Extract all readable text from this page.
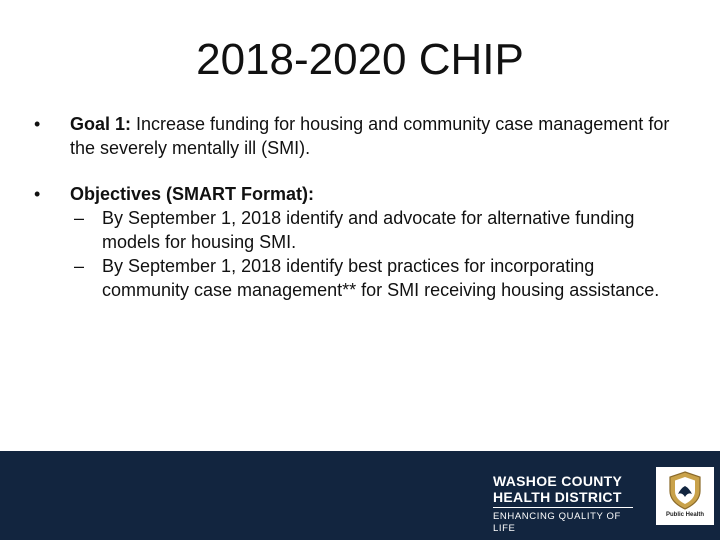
2018-2020 CHIP
•	Goal 1: Increase funding for housing and community case management for the severely mentally ill (SMI).
•	Objectives (SMART Format):
– By September 1, 2018 identify and advocate for alternative funding models for housing SMI.
– By September 1, 2018 identify best practices for incorporating community case management** for SMI receiving housing assistance.
WASHOE COUNTY
HEALTH DISTRICT
ENHANCING QUALITY OF LIFE
Public Health
